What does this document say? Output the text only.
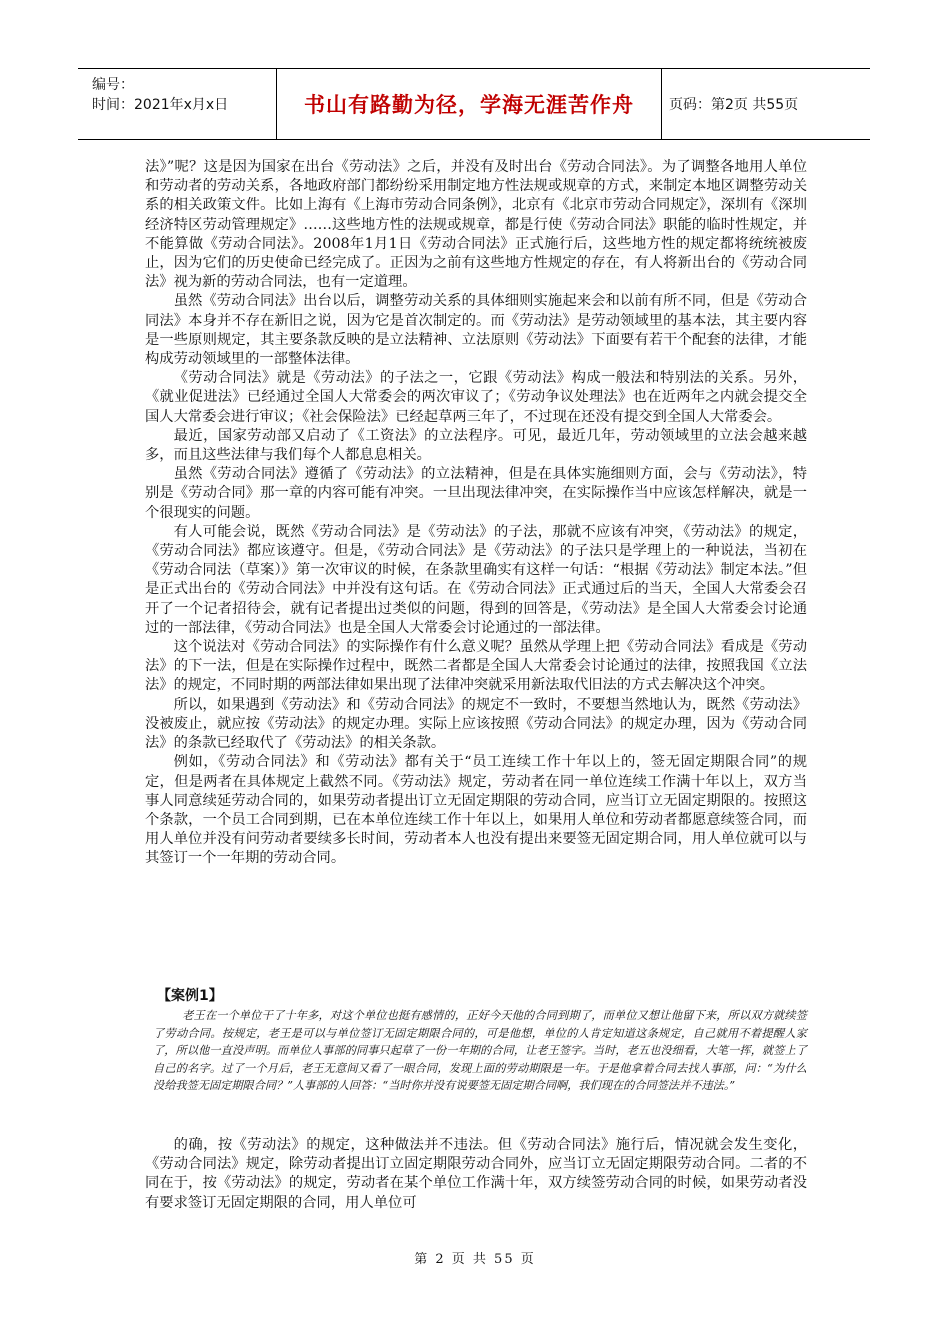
编号：
时间：2021年x月x日	书山有路勤为径，学海无涯苦作舟	页码：第2页 共55页

法》”呢？这是因为国家在出台《劳动法》之后，并没有及时出台《劳动合同法》。为了调整各地用人单位和劳动者的劳动关系，各地政府部门都纷纷采用制定地方性法规或规章的方式，来制定本地区调整劳动关系的相关政策文件。比如上海有《上海市劳动合同条例》，北京有《北京市劳动合同规定》，深圳有《深圳经济特区劳动管理规定》……这些地方性的法规或规章，都是行使《劳动合同法》职能的临时性规定，并不能算做《劳动合同法》。2008年1月1日《劳动合同法》正式施行后，这些地方性的规定都将统统被废止，因为它们的历史使命已经完成了。正因为之前有这些地方性规定的存在，有人将新出台的《劳动合同法》视为新的劳动合同法，也有一定道理。

虽然《劳动合同法》出台以后，调整劳动关系的具体细则实施起来会和以前有所不同，但是《劳动合同法》本身并不存在新旧之说，因为它是首次制定的。而《劳动法》是劳动领域里的基本法，其主要内容是一些原则规定，其主要条款反映的是立法精神、立法原则《劳动法》下面要有若干个配套的法律，才能构成劳动领域里的一部整体法律。

《劳动合同法》就是《劳动法》的子法之一，它跟《劳动法》构成一般法和特别法的关系。另外，《就业促进法》已经通过全国人大常委会的两次审议了；《劳动争议处理法》也在近两年之内就会提交全国人大常委会进行审议；《社会保险法》已经起草两三年了，不过现在还没有提交到全国人大常委会。

最近，国家劳动部又启动了《工资法》的立法程序。可见，最近几年，劳动领域里的立法会越来越多，而且这些法律与我们每个人都息息相关。

虽然《劳动合同法》遵循了《劳动法》的立法精神，但是在具体实施细则方面，会与《劳动法》，特别是《劳动合同》那一章的内容可能有冲突。一旦出现法律冲突，在实际操作当中应该怎样解决，就是一个很现实的问题。

有人可能会说，既然《劳动合同法》是《劳动法》的子法，那就不应该有冲突，《劳动法》的规定，《劳动合同法》都应该遵守。但是，《劳动合同法》是《劳动法》的子法只是学理上的一种说法，当初在《劳动合同法（草案）》第一次审议的时候，在条款里确实有这样一句话：“根据《劳动法》制定本法。”但是正式出台的《劳动合同法》中并没有这句话。在《劳动合同法》正式通过后的当天，全国人大常委会召开了一个记者招待会，就有记者提出过类似的问题，得到的回答是，《劳动法》是全国人大常委会讨论通过的一部法律，《劳动合同法》也是全国人大常委会讨论通过的一部法律。

这个说法对《劳动合同法》的实际操作有什么意义呢？虽然从学理上把《劳动合同法》看成是《劳动法》的下一法，但是在实际操作过程中，既然二者都是全国人大常委会讨论通过的法律，按照我国《立法法》的规定，不同时期的两部法律如果出现了法律冲突就采用新法取代旧法的方式去解决这个冲突。

所以，如果遇到《劳动法》和《劳动合同法》的规定不一致时，不要想当然地认为，既然《劳动法》没被废止，就应按《劳动法》的规定办理。实际上应该按照《劳动合同法》的规定办理，因为《劳动合同法》的条款已经取代了《劳动法》的相关条款。

例如，《劳动合同法》和《劳动法》都有关于“员工连续工作十年以上的，签无固定期限合同”的规定，但是两者在具体规定上截然不同。《劳动法》规定，劳动者在同一单位连续工作满十年以上，双方当事人同意续延劳动合同的，如果劳动者提出订立无固定期限的劳动合同，应当订立无固定期限的。按照这个条款，一个员工合同到期，已在本单位连续工作十年以上，如果用人单位和劳动者都愿意续签合同，而用人单位并没有问劳动者要续多长时间，劳动者本人也没有提出来要签无固定期合同，用人单位就可以与其签订一个一年期的劳动合同。

【案例1】

老王在一个单位干了十年多，对这个单位也挺有感情的，正好今天他的合同到期了，而单位又想让他留下来，所以双方就续签了劳动合同。按规定，老王是可以与单位签订无固定期限合同的，可是他想，单位的人肯定知道这条规定，自己就用不着提醒人家了，所以他一直没声明。而单位人事部的同事只起草了一份一年期的合同，让老王签字。当时，老五也没细看，大笔一挥，就签上了自己的名字。过了一个月后，老王无意间又看了一眼合同，发现上面的劳动期限是一年。于是他拿着合同去找人事部，问：“为什么没给我签无固定期限合同？”人事部的人回答：“当时你并没有说要签无固定期合同啊，我们现在的合同签法并不违法。”

的确，按《劳动法》的规定，这种做法并不违法。但《劳动合同法》施行后，情况就会发生变化，《劳动合同法》规定，除劳动者提出订立固定期限劳动合同外，应当订立无固定期限劳动合同。二者的不同在于，按《劳动法》的规定，劳动者在某个单位工作满十年，双方续签劳动合同的时候，如果劳动者没有要求签订无固定期限的合同，用人单位可

第 2 页 共 55 页
